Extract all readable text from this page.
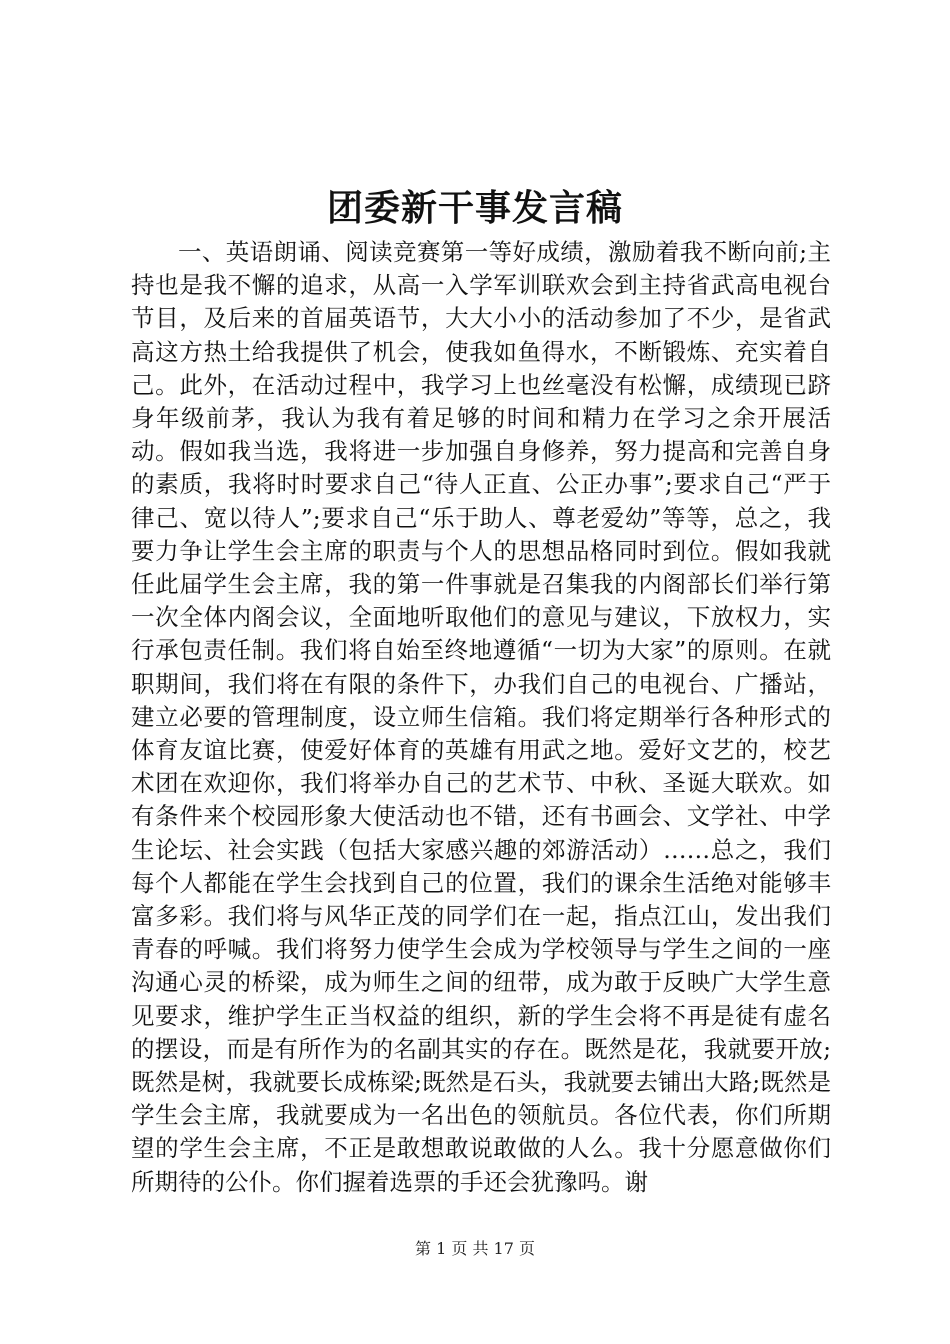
团委新干事发言稿

一、英语朗诵、阅读竞赛第一等好成绩，激励着我不断向前;主持也是我不懈的追求，从高一入学军训联欢会到主持省武高电视台节目，及后来的首届英语节，大大小小的活动参加了不少，是省武高这方热土给我提供了机会，使我如鱼得水，不断锻炼、充实着自己。此外，在活动过程中，我学习上也丝毫没有松懈，成绩现已跻身年级前茅，我认为我有着足够的时间和精力在学习之余开展活动。假如我当选，我将进一步加强自身修养，努力提高和完善自身的素质，我将时时要求自己“待人正直、公正办事”;要求自己“严于律己、宽以待人”;要求自己“乐于助人、尊老爱幼”等等，总之，我要力争让学生会主席的职责与个人的思想品格同时到位。假如我就任此届学生会主席，我的第一件事就是召集我的内阁部长们举行第一次全体内阁会议，全面地听取他们的意见与建议，下放权力，实行承包责任制。我们将自始至终地遵循“一切为大家”的原则。在就职期间，我们将在有限的条件下，办我们自己的电视台、广播站，建立必要的管理制度，设立师生信箱。我们将定期举行各种形式的体育友谊比赛，使爱好体育的英雄有用武之地。爱好文艺的，校艺术团在欢迎你，我们将举办自己的艺术节、中秋、圣诞大联欢。如有条件来个校园形象大使活动也不错，还有书画会、文学社、中学生论坛、社会实践（包括大家感兴趣的郊游活动）……总之，我们每个人都能在学生会找到自己的位置，我们的课余生活绝对能够丰富多彩。我们将与风华正茂的同学们在一起，指点江山，发出我们青春的呼喊。我们将努力使学生会成为学校领导与学生之间的一座沟通心灵的桥梁，成为师生之间的纽带，成为敢于反映广大学生意见要求，维护学生正当权益的组织，新的学生会将不再是徒有虚名的摆设，而是有所作为的名副其实的存在。既然是花，我就要开放;既然是树，我就要长成栋梁;既然是石头，我就要去铺出大路;既然是学生会主席，我就要成为一名出色的领航员。各位代表，你们所期望的学生会主席，不正是敢想敢说敢做的人么。我十分愿意做你们所期待的公仆。你们握着选票的手还会犹豫吗。谢

第 1 页 共 17 页
